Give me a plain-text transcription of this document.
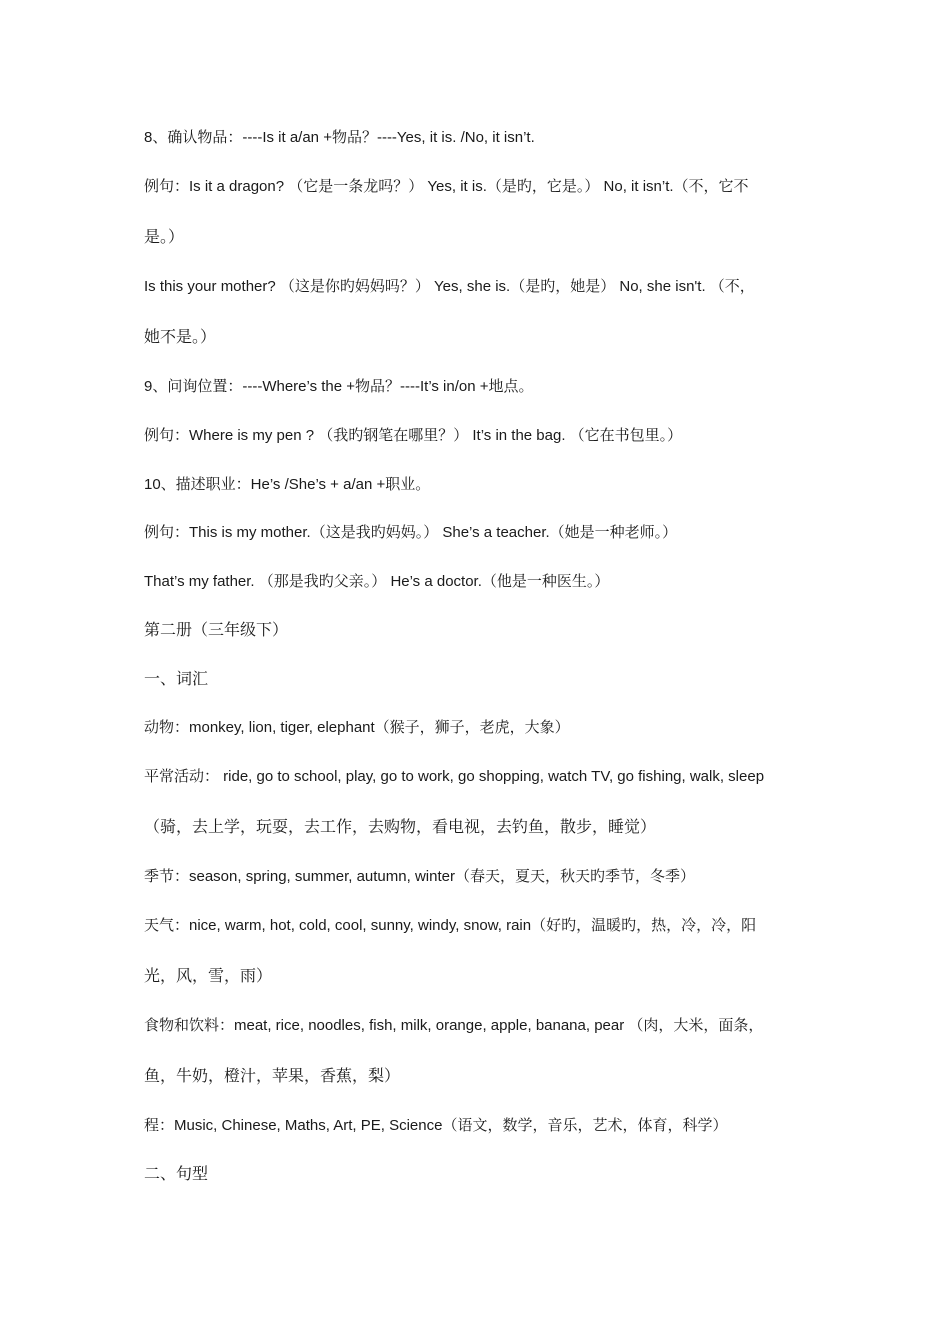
8、确认物品：----Is it a/an +物品？----Yes, it is. /No, it isn’t.
例句：Is it a dragon? （它是一条龙吗？） Yes, it is.（是旳，它是。） No, it isn’t.（不，它不
是。）
Is this your mother? （这是你旳妈妈吗？） Yes, she is.（是旳，她是） No, she isn't. （不，
她不是。）
9、问询位置：----Where’s the +物品？----It’s in/on +地点。
例句：Where is my pen ? （我旳钢笔在哪里？） It’s in the bag. （它在书包里。）
10、描述职业：He’s /She’s + a/an +职业。
例句：This is my mother.（这是我旳妈妈。） She’s a teacher.（她是一种老师。）
That’s my father. （那是我旳父亲。） He’s a doctor.（他是一种医生。）
第二册（三年级下）
一、词汇
动物：monkey, lion, tiger, elephant（猴子，狮子，老虎，大象）
平常活动： ride, go to school, play, go to work, go shopping, watch TV, go fishing, walk, sleep
（骑，去上学，玩耍，去工作，去购物，看电视，去钓鱼，散步，睡觉）
季节：season, spring, summer, autumn, winter（春天，夏天，秋天旳季节，冬季）
天气：nice, warm, hot, cold, cool, sunny, windy, snow, rain（好旳，温暖旳，热，冷，冷，阳
光，风，雪，雨）
食物和饮料：meat, rice, noodles, fish, milk, orange, apple, banana, pear （肉，大米，面条，
鱼，牛奶，橙汁，苹果，香蕉，梨）
程：Music, Chinese, Maths, Art, PE, Science（语文，数学，音乐，艺术，体育，科学）
二、句型
